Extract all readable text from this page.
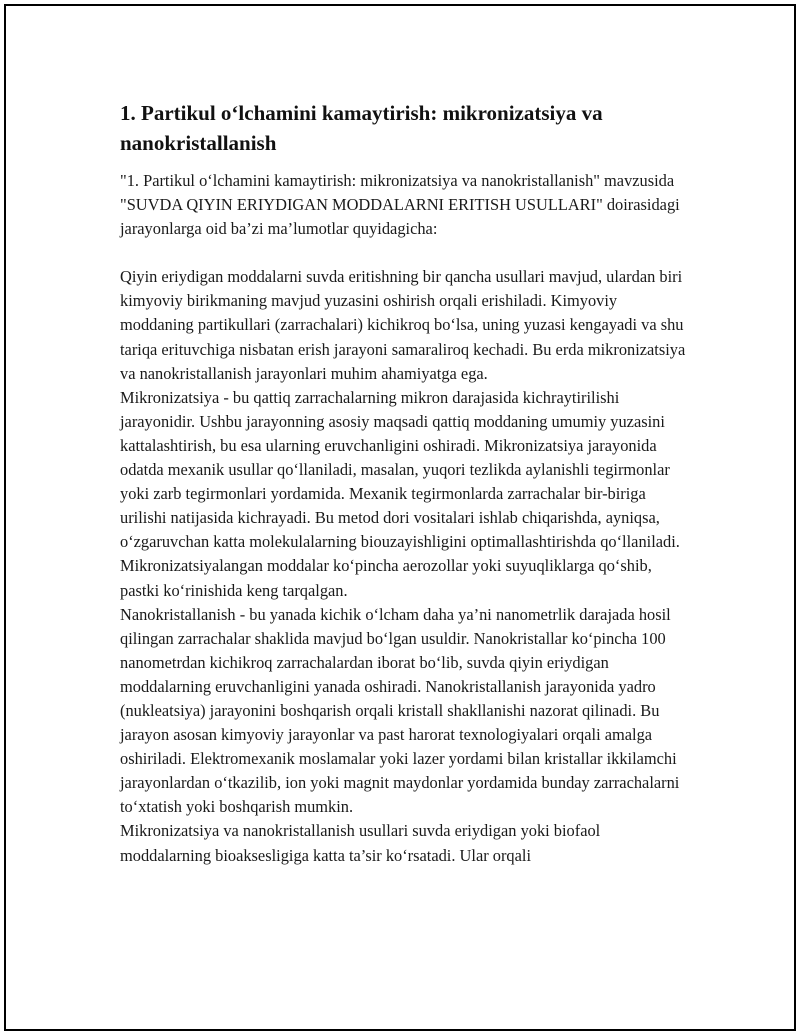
1. Partikul o‘lchamini kamaytirish: mikronizatsiya va nanokristallanish

"1. Partikul o‘lchamini kamaytirish: mikronizatsiya va nanokristallanish" mavzusida "SUVDA QIYIN ERIYDIGAN MODDALARNI ERITISH USULLARI" doirasidagi jarayonlarga oid ba’zi ma’lumotlar quyidagicha:

Qiyin eriydigan moddalarni suvda eritishning bir qancha usullari mavjud, ulardan biri kimyoviy birikmaning mavjud yuzasini oshirish orqali erishiladi. Kimyoviy moddaning partikullari (zarrachalari) kichikroq bo‘lsa, uning yuzasi kengayadi va shu tariqa erituvchiga nisbatan erish jarayoni samaraliroq kechadi. Bu erda mikronizatsiya va nanokristallanish jarayonlari muhim ahamiyatga ega.

Mikronizatsiya - bu qattiq zarrachalarning mikron darajasida kichraytirilishi jarayonidir. Ushbu jarayonning asosiy maqsadi qattiq moddaning umumiy yuzasini kattalashtirish, bu esa ularning eruvchanligini oshiradi. Mikronizatsiya jarayonida odatda mexanik usullar qo‘llaniladi, masalan, yuqori tezlikda aylanishli tegirmonlar yoki zarb tegirmonlari yordamida. Mexanik tegirmonlarda zarrachalar bir-biriga urilishi natijasida kichrayadi. Bu metod dori vositalari ishlab chiqarishda, ayniqsa, o‘zgaruvchan katta molekulalarning biouzayishligini optimallashtirishda qo‘llaniladi. Mikronizatsiyalangan moddalar ko‘pincha aerozollar yoki suyuqliklarga qo‘shib, pastki ko‘rinishida keng tarqalgan.

Nanokristallanish - bu yanada kichik o‘lcham daha ya’ni nanometrlik darajada hosil qilingan zarrachalar shaklida mavjud bo‘lgan usuldir. Nanokristallar ko‘pincha 100 nanometrdan kichikroq zarrachalardan iborat bo‘lib, suvda qiyin eriydigan moddalarning eruvchanligini yanada oshiradi. Nanokristallanish jarayonida yadro (nukleatsiya) jarayonini boshqarish orqali kristall shakllanishi nazorat qilinadi. Bu jarayon asosan kimyoviy jarayonlar va past harorat texnologiyalari orqali amalga oshiriladi. Elektromexanik moslamalar yoki lazer yordami bilan kristallar ikkilamchi jarayonlardan o‘tkazilib, ion yoki magnit maydonlar yordamida bunday zarrachalarni to‘xtatish yoki boshqarish mumkin.

Mikronizatsiya va nanokristallanish usullari suvda eriydigan yoki biofaol moddalarning bioaksesligiga katta ta’sir ko‘rsatadi. Ular orqali
